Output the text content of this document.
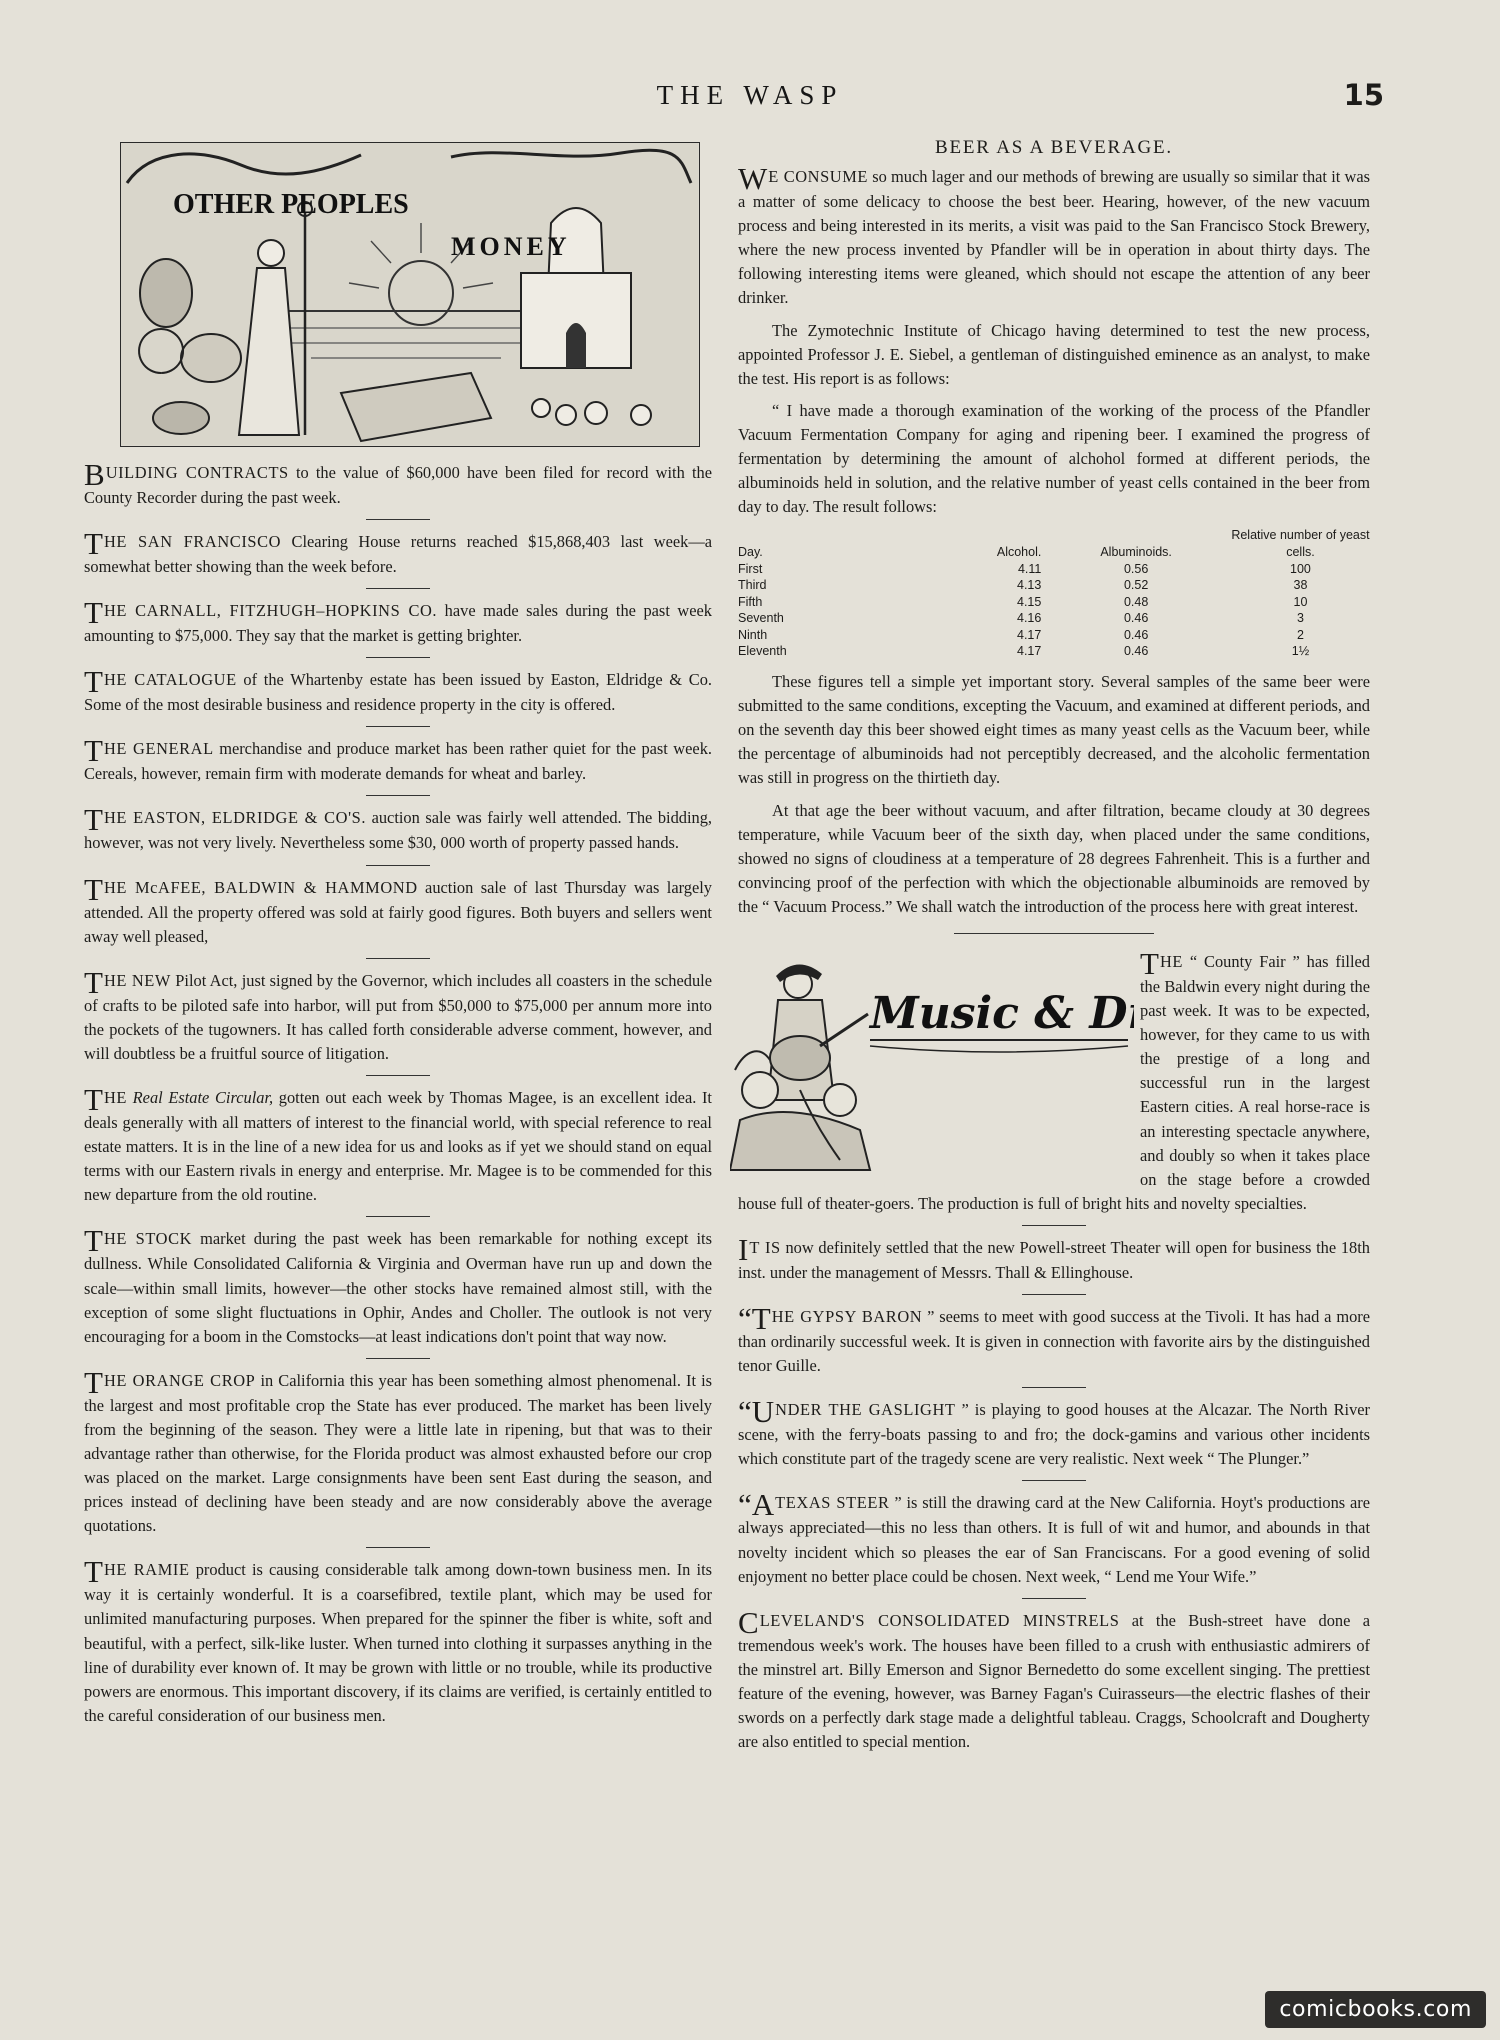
THE WASP	15
OTHER PEOPLES
MONEY

BUILDING CONTRACTS to the value of $60,000 have been filed for record with the County Recorder during the past week.

THE SAN FRANCISCO Clearing House returns reached $15,868,403 last week—a somewhat better showing than the week before.

THE CARNALL, FITZHUGH–HOPKINS CO. have made sales during the past week amounting to $75,000. They say that the market is getting brighter.

THE CATALOGUE of the Whartenby estate has been issued by Easton, Eldridge & Co. Some of the most desirable business and residence property in the city is offered.

THE GENERAL merchandise and produce market has been rather quiet for the past week. Cereals, however, remain firm with moderate demands for wheat and barley.

THE EASTON, ELDRIDGE & CO'S. auction sale was fairly well attended. The bidding, however, was not very lively. Nevertheless some $30, 000 worth of property passed hands.

THE McAFEE, BALDWIN & HAMMOND auction sale of last Thursday was largely attended. All the property offered was sold at fairly good figures. Both buyers and sellers went away well pleased,

THE NEW Pilot Act, just signed by the Governor, which includes all coasters in the schedule of crafts to be piloted safe into harbor, will put from $50,000 to $75,000 per annum more into the pockets of the tugowners. It has called forth considerable adverse comment, however, and will doubtless be a fruitful source of litigation.

THE Real Estate Circular, gotten out each week by Thomas Magee, is an excellent idea. It deals generally with all matters of interest to the financial world, with special reference to real estate matters. It is in the line of a new idea for us and looks as if yet we should stand on equal terms with our Eastern rivals in energy and enterprise. Mr. Magee is to be commended for this new departure from the old routine.

THE STOCK market during the past week has been remarkable for nothing except its dullness. While Consolidated California & Virginia and Overman have run up and down the scale—within small limits, however—the other stocks have remained almost still, with the exception of some slight fluctuations in Ophir, Andes and Choller. The outlook is not very encouraging for a boom in the Comstocks—at least indications don't point that way now.

THE ORANGE CROP in California this year has been something almost phenomenal. It is the largest and most profitable crop the State has ever produced. The market has been lively from the beginning of the season. They were a little late in ripening, but that was to their advantage rather than otherwise, for the Florida product was almost exhausted before our crop was placed on the market. Large consignments have been sent East during the season, and prices instead of declining have been steady and are now considerably above the average quotations.

THE RAMIE product is causing considerable talk among down-town business men. In its way it is certainly wonderful. It is a coarsefibred, textile plant, which may be used for unlimited manufacturing purposes. When prepared for the spinner the fiber is white, soft and beautiful, with a perfect, silk-like luster. When turned into clothing it surpasses anything in the line of durability ever known of. It may be grown with little or no trouble, while its productive powers are enormous. This important discovery, if its claims are verified, is certainly entitled to the careful consideration of our business men.

BEER AS A BEVERAGE.

WE CONSUME so much lager and our methods of brewing are usually so similar that it was a matter of some delicacy to choose the best beer. Hearing, however, of the new vacuum process and being interested in its merits, a visit was paid to the San Francisco Stock Brewery, where the new process invented by Pfandler will be in operation in about thirty days. The following interesting items were gleaned, which should not escape the attention of any beer drinker.

The Zymotechnic Institute of Chicago having determined to test the new process, appointed Professor J. E. Siebel, a gentleman of distinguished eminence as an analyst, to make the test. His report is as follows:

“ I have made a thorough examination of the working of the process of the Pfandler Vacuum Fermentation Company for aging and ripening beer. I examined the progress of fermentation by determining the amount of alchohol formed at different periods, the albuminoids held in solution, and the relative number of yeast cells contained in the beer from day to day. The result follows:

Day.	Alcohol.	Albuminoids.	Relative number of yeast cells.
First	4.11	0.56	100
Third	4.13	0.52	38
Fifth	4.15	0.48	10
Seventh	4.16	0.46	3
Ninth	4.17	0.46	2
Eleventh	4.17	0.46	1½

These figures tell a simple yet important story. Several samples of the same beer were submitted to the same conditions, excepting the Vacuum, and examined at different periods, and on the seventh day this beer showed eight times as many yeast cells as the Vacuum beer, while the percentage of albuminoids had not perceptibly decreased, and the alcoholic fermentation was still in progress on the thirtieth day.

At that age the beer without vacuum, and after filtration, became cloudy at 30 degrees temperature, while Vacuum beer of the sixth day, when placed under the same conditions, showed no signs of cloudiness at a temperature of 28 degrees Fahrenheit. This is a further and convincing proof of the perfection with which the objectionable albuminoids are removed by the “ Vacuum Process.” We shall watch the introduction of the process here with great interest.

Music & D

THE “ County Fair ” has filled the Baldwin every night during the past week. It was to be expected, however, for they came to us with the prestige of a long and successful run in the largest Eastern cities. A real horse-race is an interesting spectacle anywhere, and doubly so when it takes place on the stage before a crowded house full of theater-goers. The production is full of bright hits and novelty specialties.

IT IS now definitely settled that the new Powell-street Theater will open for business the 18th inst. under the management of Messrs. Thall & Ellinghouse.

“THE GYPSY BARON ” seems to meet with good success at the Tivoli. It has had a more than ordinarily successful week. It is given in connection with favorite airs by the distinguished tenor Guille.

“UNDER THE GASLIGHT ” is playing to good houses at the Alcazar. The North River scene, with the ferry-boats passing to and fro; the dock-gamins and various other incidents which constitute part of the tragedy scene are very realistic. Next week “ The Plunger.”

“ATEXAS STEER ” is still the drawing card at the New California. Hoyt's productions are always appreciated—this no less than others. It is full of wit and humor, and abounds in that novelty incident which so pleases the ear of San Franciscans. For a good evening of solid enjoyment no better place could be chosen. Next week, “ Lend me Your Wife.”

CLEVELAND'S CONSOLIDATED MINSTRELS at the Bush-street have done a tremendous week's work. The houses have been filled to a crush with enthusiastic admirers of the minstrel art. Billy Emerson and Signor Bernedetto do some excellent singing. The prettiest feature of the evening, however, was Barney Fagan's Cuirasseurs—the electric flashes of their swords on a perfectly dark stage made a delightful tableau. Craggs, Schoolcraft and Dougherty are also entitled to special mention.

comicbooks.com
